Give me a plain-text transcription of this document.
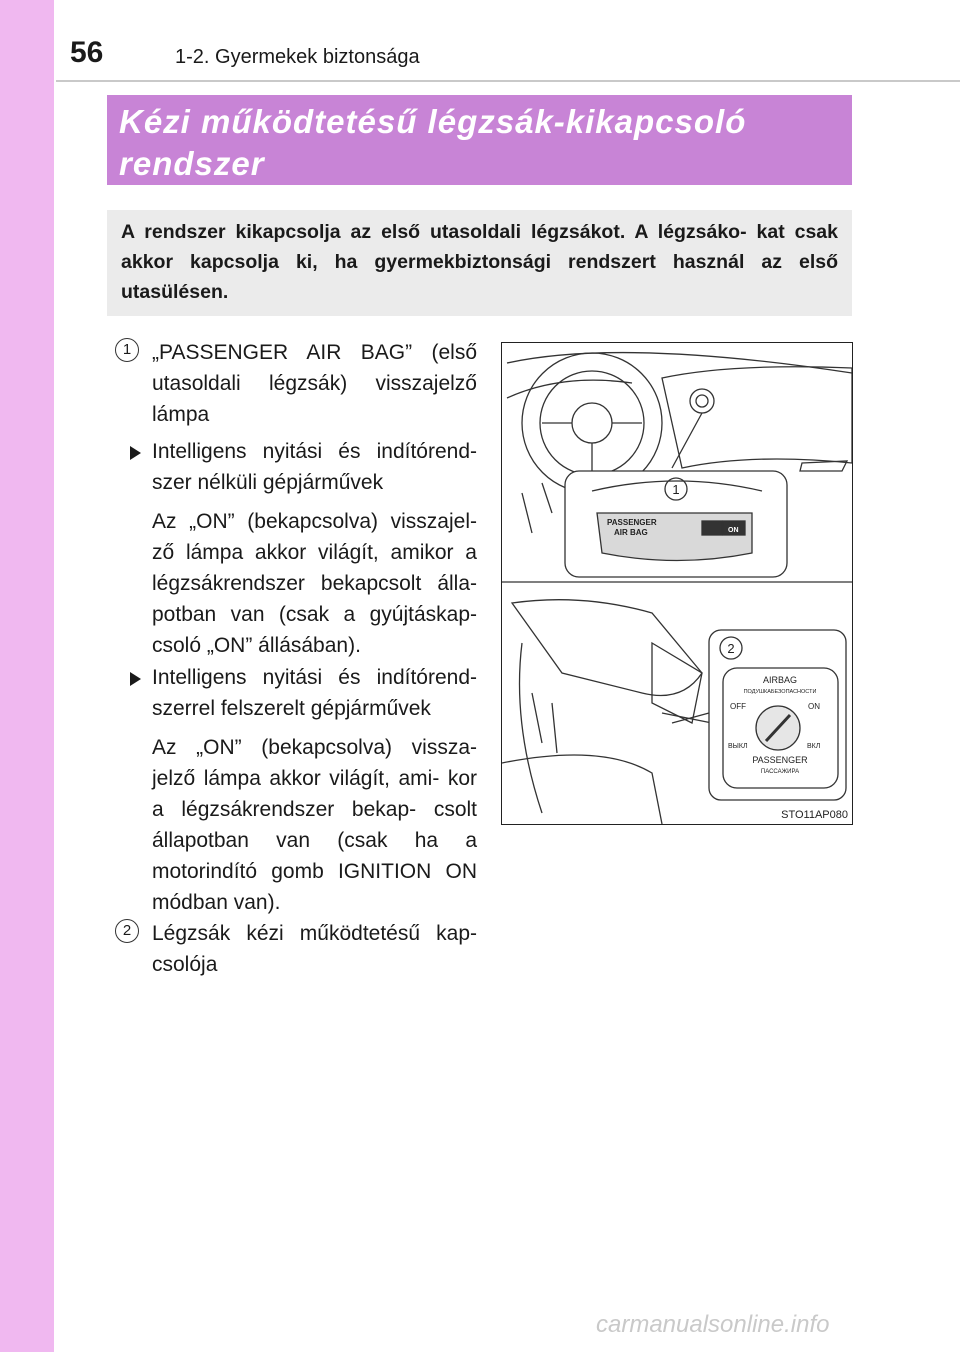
56	1-2. Gyermekek biztonsága
Kézi működtetésű légzsák-kikapcsoló
rendszer
A rendszer kikapcsolja az első utasoldali légzsákot. A légzsáko- kat csak akkor kapcsolja ki, ha gyermekbiztonsági rendszert használ az első utasülésen.
1 „PASSENGER AIR BAG” (első utasoldali légzsák) visszajelző lámpa
Intelligens nyitási és indítórend- szer nélküli gépjárművek
Az „ON” (bekapcsolva) visszajel- ző lámpa akkor világít, amikor a légzsákrendszer bekapcsolt álla- potban van (csak a gyújtáskap- csoló „ON” állásában).
Intelligens nyitási és indítórend- szerrel felszerelt gépjárművek
Az „ON” (bekapcsolva) vissza- jelző lámpa akkor világít, ami- kor a légzsákrendszer bekap- csolt állapotban van (csak ha a motorindító gomb IGNITION ON módban van).
2 Légzsák kézi működtetésű kap- csolója
1
2
PASSENGER
AIR BAG	ON
AIRBAG
ПОДУШКАБЕЗОПАСНОСТИ
OFF	ON
ВЫКЛ	ВКЛ
PASSENGER
ПАССАЖИРА
STO11AP080
carmanualsonline.info
